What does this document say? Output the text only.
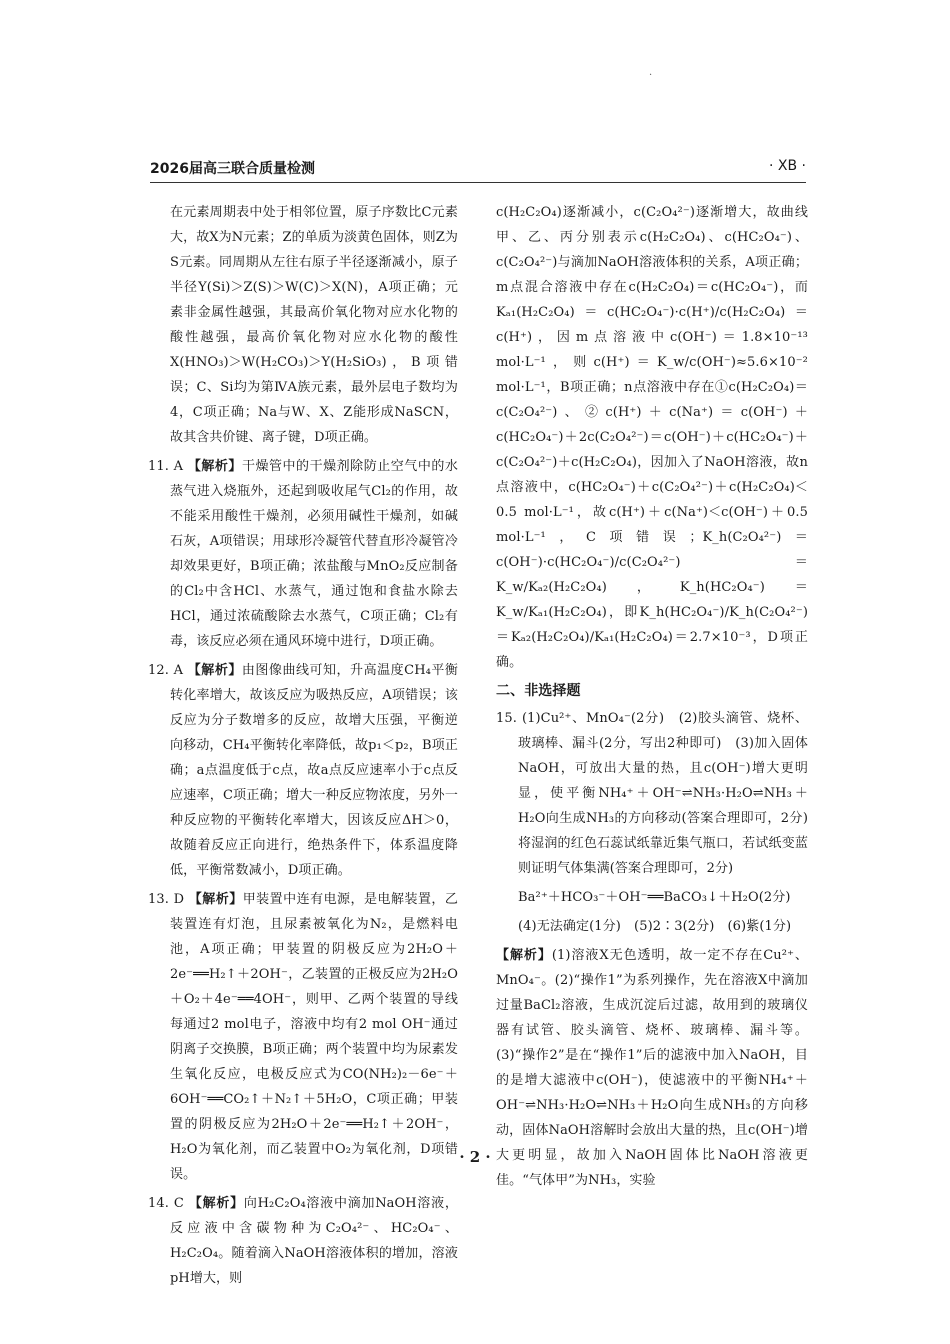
·
2026届高三联合质量检测	· XB ·

在元素周期表中处于相邻位置，原子序数比C元素大，故X为N元素；Z的单质为淡黄色固体，则Z为S元素。同周期从左往右原子半径逐渐减小，原子半径Y(Si)＞Z(S)＞W(C)＞X(N)，A项正确；元素非金属性越强，其最高价氧化物对应水化物的酸性越强，最高价氧化物对应水化物的酸性X(HNO₃)＞W(H₂CO₃)＞Y(H₂SiO₃)，B项错误；C、Si均为第ⅣA族元素，最外层电子数均为4，C项正确；Na与W、X、Z能形成NaSCN，故其含共价键、离子键，D项正确。

11. A 【解析】干燥管中的干燥剂除防止空气中的水蒸气进入烧瓶外，还起到吸收尾气Cl₂的作用，故不能采用酸性干燥剂，必须用碱性干燥剂，如碱石灰，A项错误；用球形冷凝管代替直形冷凝管冷却效果更好，B项正确；浓盐酸与MnO₂反应制备的Cl₂中含HCl、水蒸气，通过饱和食盐水除去HCl，通过浓硫酸除去水蒸气，C项正确；Cl₂有毒，该反应必须在通风环境中进行，D项正确。

12. A 【解析】由图像曲线可知，升高温度CH₄平衡转化率增大，故该反应为吸热反应，A项错误；该反应为分子数增多的反应，故增大压强，平衡逆向移动，CH₄平衡转化率降低，故p₁＜p₂，B项正确；a点温度低于c点，故a点反应速率小于c点反应速率，C项正确；增大一种反应物浓度，另外一种反应物的平衡转化率增大，因该反应ΔH＞0，故随着反应正向进行，绝热条件下，体系温度降低，平衡常数减小，D项正确。

13. D 【解析】甲装置中连有电源，是电解装置，乙装置连有灯泡，且尿素被氧化为N₂，是燃料电池，A项正确；甲装置的阴极反应为2H₂O＋2e⁻══H₂↑＋2OH⁻，乙装置的正极反应为2H₂O＋O₂＋4e⁻══4OH⁻，则甲、乙两个装置的导线每通过2 mol电子，溶液中均有2 mol OH⁻通过阴离子交换膜，B项正确；两个装置中均为尿素发生氧化反应，电极反应式为CO(NH₂)₂－6e⁻＋6OH⁻══CO₂↑＋N₂↑＋5H₂O，C项正确；甲装置的阴极反应为2H₂O＋2e⁻══H₂↑＋2OH⁻，H₂O为氧化剂，而乙装置中O₂为氧化剂，D项错误。

14. C 【解析】向H₂C₂O₄溶液中滴加NaOH溶液，反应液中含碳物种为C₂O₄²⁻、HC₂O₄⁻、H₂C₂O₄。随着滴入NaOH溶液体积的增加，溶液pH增大，则

c(H₂C₂O₄)逐渐减小，c(C₂O₄²⁻)逐渐增大，故曲线甲、乙、丙分别表示c(H₂C₂O₄)、c(HC₂O₄⁻)、c(C₂O₄²⁻)与滴加NaOH溶液体积的关系，A项正确；m点混合溶液中存在c(H₂C₂O₄)＝c(HC₂O₄⁻)，而Kₐ₁(H₂C₂O₄)＝c(HC₂O₄⁻)·c(H⁺)/c(H₂C₂O₄)＝c(H⁺)，因m点溶液中c(OH⁻)＝1.8×10⁻¹³ mol·L⁻¹，则c(H⁺)＝K_w/c(OH⁻)≈5.6×10⁻² mol·L⁻¹，B项正确；n点溶液中存在①c(H₂C₂O₄)＝c(C₂O₄²⁻)、②c(H⁺)＋c(Na⁺)＝c(OH⁻)＋c(HC₂O₄⁻)＋2c(C₂O₄²⁻)＝c(OH⁻)＋c(HC₂O₄⁻)＋c(C₂O₄²⁻)＋c(H₂C₂O₄)，因加入了NaOH溶液，故n点溶液中，c(HC₂O₄⁻)＋c(C₂O₄²⁻)＋c(H₂C₂O₄)＜0.5 mol·L⁻¹，故c(H⁺)＋c(Na⁺)＜c(OH⁻)＋0.5 mol·L⁻¹，C项错误；K_h(C₂O₄²⁻)＝c(OH⁻)·c(HC₂O₄⁻)/c(C₂O₄²⁻)＝K_w/Kₐ₂(H₂C₂O₄)，K_h(HC₂O₄⁻)＝K_w/Kₐ₁(H₂C₂O₄)，即K_h(HC₂O₄⁻)/K_h(C₂O₄²⁻)＝Kₐ₂(H₂C₂O₄)/Kₐ₁(H₂C₂O₄)＝2.7×10⁻³，D项正确。

二、非选择题

15. (1)Cu²⁺、MnO₄⁻(2分)　(2)胶头滴管、烧杯、玻璃棒、漏斗(2分，写出2种即可)　(3)加入固体NaOH，可放出大量的热，且c(OH⁻)增大更明显，使平衡NH₄⁺＋OH⁻⇌NH₃·H₂O⇌NH₃＋H₂O向生成NH₃的方向移动(答案合理即可，2分)　将湿润的红色石蕊试纸靠近集气瓶口，若试纸变蓝则证明气体集满(答案合理即可，2分)

Ba²⁺＋HCO₃⁻＋OH⁻══BaCO₃↓＋H₂O(2分)

(4)无法确定(1分)　(5)2∶3(2分)　(6)紫(1分)

【解析】(1)溶液X无色透明，故一定不存在Cu²⁺、MnO₄⁻。(2)“操作1”为系列操作，先在溶液X中滴加过量BaCl₂溶液，生成沉淀后过滤，故用到的玻璃仪器有试管、胶头滴管、烧杯、玻璃棒、漏斗等。(3)“操作2”是在“操作1”后的滤液中加入NaOH，目的是增大滤液中c(OH⁻)，使滤液中的平衡NH₄⁺＋OH⁻⇌NH₃·H₂O⇌NH₃＋H₂O向生成NH₃的方向移动，固体NaOH溶解时会放出大量的热，且c(OH⁻)增大更明显，故加入NaOH固体比NaOH溶液更佳。“气体甲”为NH₃，实验

· 2 ·
